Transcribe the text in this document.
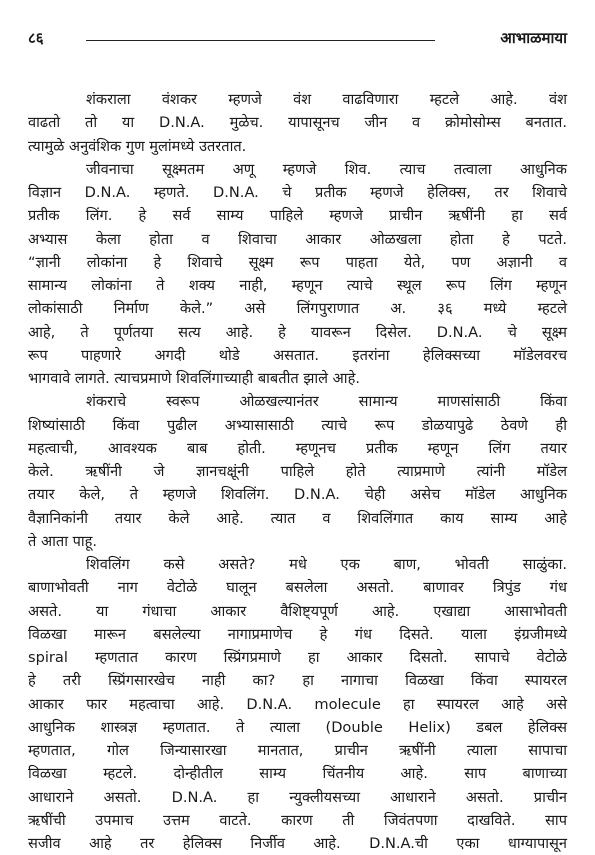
८६	आभाळमाया
शंकराला वंशकर म्हणजे वंश वाढविणारा म्हटले आहे. वंश
वाढतो तो या D.N.A. मुळेच. यापासूनच जीन व क्रोमोसोम्स बनतात.
त्यामुळे अनुवंशिक गुण मुलांमध्ये उतरतात.
जीवनाचा सूक्ष्मतम अणू म्हणजे शिव. त्याच तत्वाला आधुनिक
विज्ञान D.N.A. म्हणते. D.N.A. चे प्रतीक म्हणजे हेलिक्स, तर शिवाचे
प्रतीक लिंग. हे सर्व साम्य पाहिले म्हणजे प्राचीन ऋषींनी हा सर्व
अभ्यास केला होता व शिवाचा आकार ओळखला होता हे पटते.
“ज्ञानी लोकांना हे शिवाचे सूक्ष्म रूप पाहता येते, पण अज्ञानी व
सामान्य लोकांना ते शक्य नाही, म्हणून त्याचे स्थूल रूप लिंग म्हणून
लोकांसाठी निर्माण केले.” असे लिंगपुराणात अ. ३६ मध्ये म्हटले
आहे, ते पूर्णतया सत्य आहे. हे यावरून दिसेल. D.N.A. चे सूक्ष्म
रूप पाहणारे अगदी थोडे असतात. इतरांना हेलिक्सच्या मॉडेलवरच
भागवावे लागते. त्याचप्रमाणे शिवलिंगाच्याही बाबतीत झाले आहे.
शंकराचे स्वरूप ओळखल्यानंतर सामान्य माणसांसाठी किंवा
शिष्यांसाठी किंवा पुढील अभ्यासासाठी त्याचे रूप डोळयापुढे ठेवणे ही
महत्वाची, आवश्यक बाब होती. म्हणूनच प्रतीक म्हणून लिंग तयार
केले. ऋषींनी जे ज्ञानचक्षूंनी पाहिले होते त्याप्रमाणे त्यांनी मॉडेल
तयार केले, ते म्हणजे शिवलिंग. D.N.A. चेही असेच मॉडेल आधुनिक
वैज्ञानिकांनी तयार केले आहे. त्यात व शिवलिंगात काय साम्य आहे
ते आता पाहू.
शिवलिंग कसे असते? मधे एक बाण, भोवती साळुंका.
बाणाभोवती नाग वेटोळे घालून बसलेला असतो. बाणावर त्रिपुंड गंध
असते. या गंधाचा आकार वैशिष्ट्यपूर्ण आहे. एखाद्या आसाभोवती
विळखा मारून बसलेल्या नागाप्रमाणेच हे गंध दिसते. याला इंग्रजीमध्ये
spiral म्हणतात कारण स्प्रिंगप्रमाणे हा आकार दिसतो. सापाचे वेटोळे
हे तरी स्प्रिंगसारखेच नाही का? हा नागाचा विळखा किंवा स्पायरल
आकार फार महत्वाचा आहे. D.N.A. molecule हा स्पायरल आहे असे
आधुनिक शास्त्रज्ञ म्हणतात. ते त्याला (Double Helix) डबल हेलिक्स
म्हणतात, गोल जिन्यासारखा मानतात, प्राचीन ऋषींनी त्याला सापाचा
विळखा म्हटले. दोन्हीतील साम्य चिंतनीय आहे. साप बाणाच्या
आधाराने असतो. D.N.A. हा न्युक्लीयसच्या आधाराने असतो. प्राचीन
ऋषींची उपमाच उत्तम वाटते. कारण ती जिवंतपणा दाखविते. साप
सजीव आहे तर हेलिक्स निर्जीव आहे. D.N.A.ची एका धाग्यापासून
